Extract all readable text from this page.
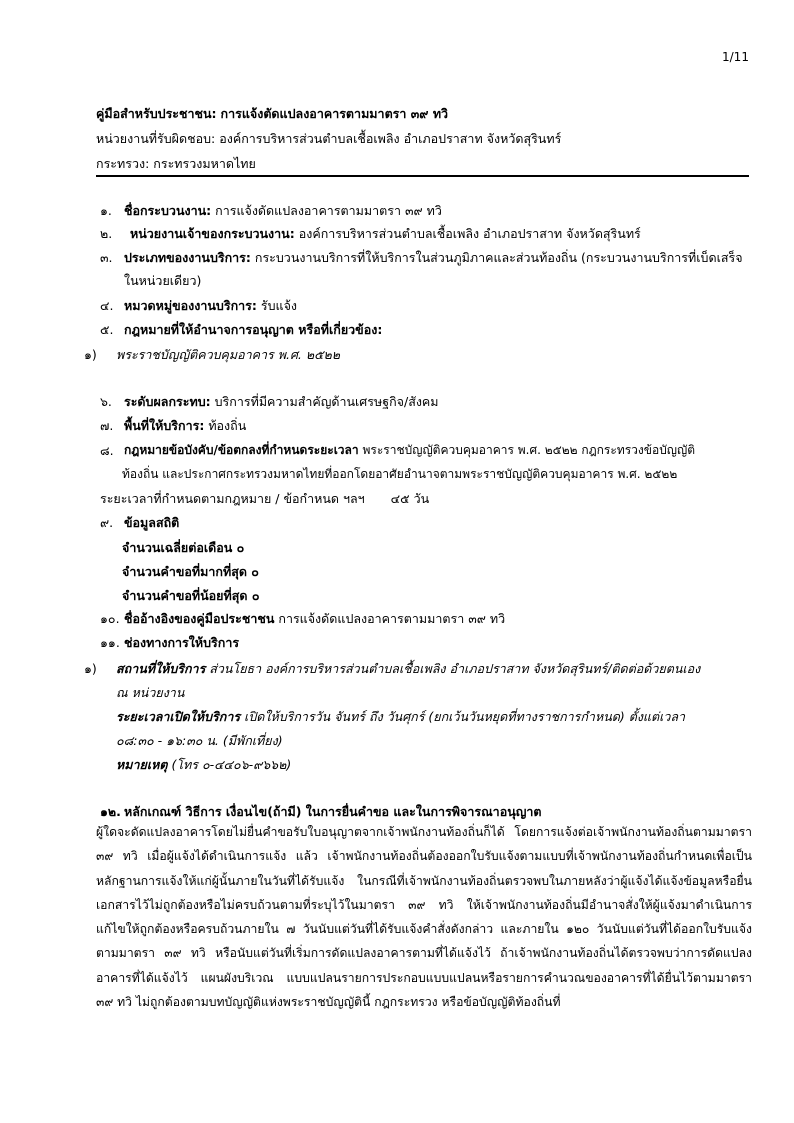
1/11
คู่มือสำหรับประชาชน: การแจ้งตัดแปลงอาคารตามมาตรา ๓๙ ทวิ
หน่วยงานที่รับผิดชอบ: องค์การบริหารส่วนตำบลเชื้อเพลิง อำเภอปราสาท จังหวัดสุรินทร์
กระทรวง: กระทรวงมหาดไทย
๑. ชื่อกระบวนงาน: การแจ้งดัดแปลงอาคารตามมาตรา ๓๙ ทวิ
๒. หน่วยงานเจ้าของกระบวนงาน: องค์การบริหารส่วนตำบลเชื้อเพลิง อำเภอปราสาท จังหวัดสุรินทร์
๓. ประเภทของงานบริการ: กระบวนงานบริการที่ให้บริการในส่วนภูมิภาคและส่วนท้องถิ่น (กระบวนงานบริการที่เบ็ดเสร็จ
ในหน่วยเดียว)
๔. หมวดหมู่ของงานบริการ: รับแจ้ง
๕. กฎหมายที่ให้อำนาจการอนุญาต หรือที่เกี่ยวข้อง:
๑) พระราชบัญญัติควบคุมอาคาร พ.ศ. ๒๕๒๒
๖. ระดับผลกระทบ: บริการที่มีความสำคัญด้านเศรษฐกิจ/สังคม
๗. พื้นที่ให้บริการ: ท้องถิ่น
๘. กฎหมายข้อบังคับ/ข้อตกลงที่กำหนดระยะเวลา พระราชบัญญัติควบคุมอาคาร พ.ศ. ๒๕๒๒ กฎกระทรวงข้อบัญญัติ
ท้องถิ่น และประกาศกระทรวงมหาดไทยที่ออกโดยอาศัยอำนาจตามพระราชบัญญัติควบคุมอาคาร พ.ศ. ๒๕๒๒
ระยะเวลาที่กำหนดตามกฎหมาย / ข้อกำหนด ฯลฯ ๔๕ วัน
๙. ข้อมูลสถิติ
จำนวนเฉลี่ยต่อเดือน ๐
จำนวนคำขอที่มากที่สุด ๐
จำนวนคำขอที่น้อยที่สุด ๐
๑๐. ชื่ออ้างอิงของคู่มือประชาชน การแจ้งดัดแปลงอาคารตามมาตรา ๓๙ ทวิ
๑๑. ช่องทางการให้บริการ
๑) สถานที่ให้บริการ ส่วนโยธา องค์การบริหารส่วนตำบลเชื้อเพลิง อำเภอปราสาท จังหวัดสุรินทร์/ติดต่อด้วยตนเอง
ณ หน่วยงาน
ระยะเวลาเปิดให้บริการ เปิดให้บริการวัน จันทร์ ถึง วันศุกร์ (ยกเว้นวันหยุดที่ทางราชการกำหนด) ตั้งแต่เวลา
๐๘:๓๐ - ๑๖:๓๐ น. (มีพักเที่ยง)
หมายเหตุ (โทร ๐-๔๔๐๖-๙๖๖๒)
๑๒. หลักเกณฑ์ วิธีการ เงื่อนไข(ถ้ามี) ในการยื่นคำขอ และในการพิจารณาอนุญาต
ผู้ใดจะดัดแปลงอาคารโดยไม่ยื่นคำขอรับใบอนุญาตจากเจ้าพนักงานท้องถิ่นก็ได้ โดยการแจ้งต่อเจ้าพนักงานท้องถิ่นตามมาตรา ๓๙ ทวิ เมื่อผู้แจ้งได้ดำเนินการแจ้ง แล้ว เจ้าพนักงานท้องถิ่นต้องออกใบรับแจ้งตามแบบที่เจ้าพนักงานท้องถิ่นกำหนดเพื่อเป็นหลักฐานการแจ้งให้แก่ผู้นั้นภายในวันที่ได้รับแจ้ง ในกรณีที่เจ้าพนักงานท้องถิ่นตรวจพบในภายหลังว่าผู้แจ้งได้แจ้งข้อมูลหรือยื่นเอกสารไว้ไม่ถูกต้องหรือไม่ครบถ้วนตามที่ระบุไว้ในมาตรา ๓๙ ทวิ ให้เจ้าพนักงานท้องถิ่นมีอำนาจสั่งให้ผู้แจ้งมาดำเนินการ แก้ไขให้ถูกต้องหรือครบถ้วนภายใน ๗ วันนับแต่วันที่ได้รับแจ้งคำสั่งดังกล่าว และภายใน ๑๒๐ วันนับแต่วันที่ได้ออกใบรับแจ้งตามมาตรา ๓๙ ทวิ หรือนับแต่วันที่เริ่มการดัดแปลงอาคารตามที่ได้แจ้งไว้ ถ้าเจ้าพนักงานท้องถิ่นได้ตรวจพบว่าการดัดแปลงอาคารที่ได้แจ้งไว้ แผนผังบริเวณ แบบแปลนรายการประกอบแบบแปลนหรือรายการคำนวณของอาคารที่ได้ยื่นไว้ตามมาตรา ๓๙ ทวิ ไม่ถูกต้องตามบทบัญญัติแห่งพระราชบัญญัตินี้ กฎกระทรวง หรือข้อบัญญัติท้องถิ่นที่
